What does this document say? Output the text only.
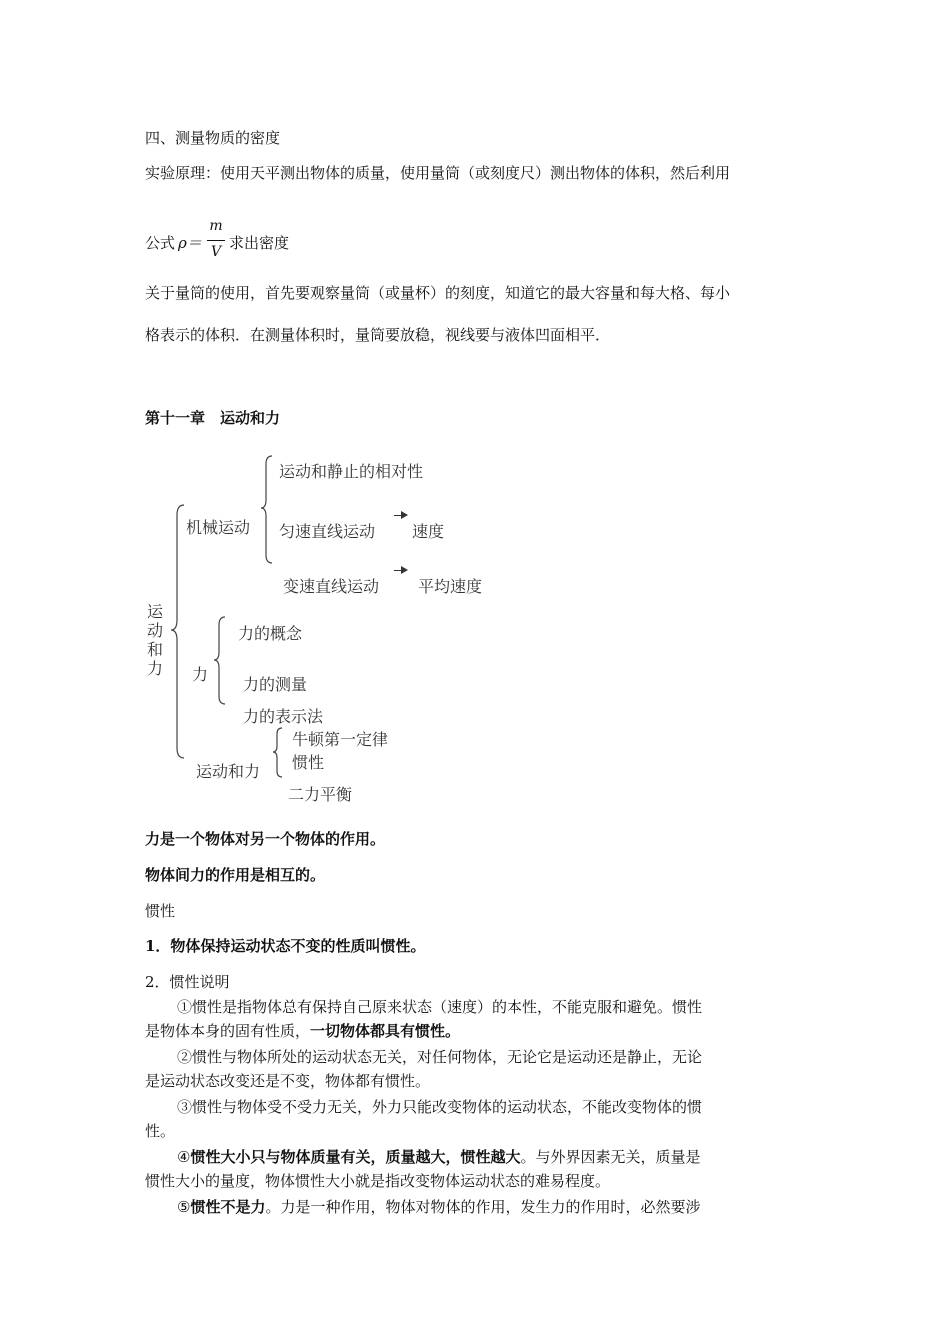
四、测量物质的密度
实验原理：使用天平测出物体的质量，使用量筒（或刻度尺）测出物体的体积，然后利用
公式 ρ＝
m
V 求出密度
关于量筒的使用，首先要观察量筒（或量杯）的刻度，知道它的最大容量和每大格、每小
格表示的体积．在测量体积时，量筒要放稳，视线要与液体凹面相平．
第十一章　运动和力
运动和力
机械运动
运动和静止的相对性
匀速直线运动 速度
变速直线运动 平均速度
力
力的概念
力的测量
力的表示法
运动和力
牛顿第一定律
惯性
二力平衡
力是一个物体对另一个物体的作用。
物体间力的作用是相互的。
惯性
1．物体保持运动状态不变的性质叫惯性。
2．惯性说明
①惯性是指物体总有保持自己原来状态（速度）的本性，不能克服和避免。惯性
是物体本身的固有性质，一切物体都具有惯性。
②惯性与物体所处的运动状态无关，对任何物体，无论它是运动还是静止，无论
是运动状态改变还是不变，物体都有惯性。
③惯性与物体受不受力无关，外力只能改变物体的运动状态，不能改变物体的惯
性。
④惯性大小只与物体质量有关，质量越大，惯性越大。与外界因素无关，质量是
惯性大小的量度，物体惯性大小就是指改变物体运动状态的难易程度。
⑤惯性不是力。力是一种作用，物体对物体的作用，发生力的作用时，必然要涉
